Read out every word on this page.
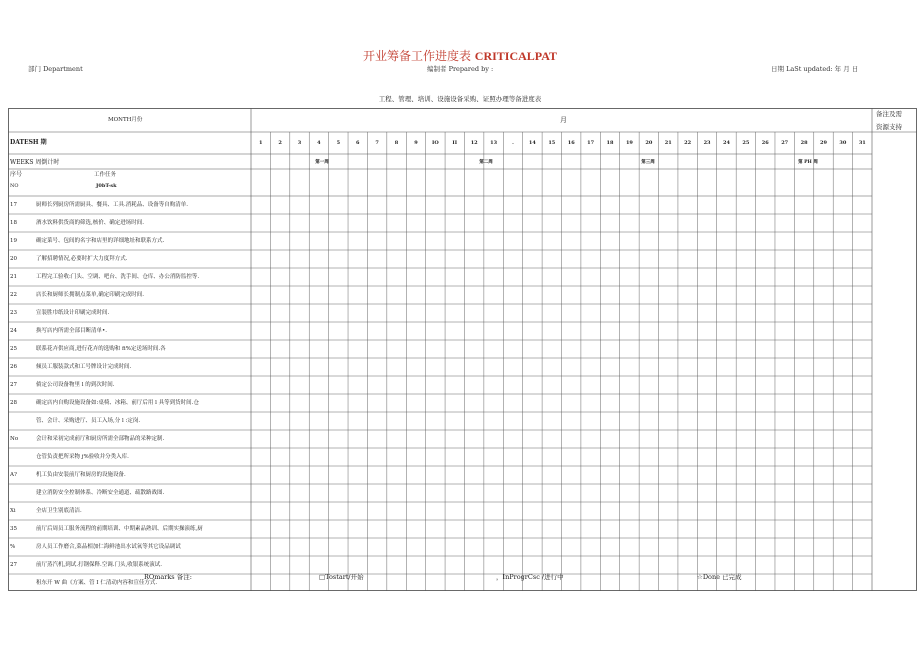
开业筹备工作进度表 CRITICALPAT
部门 Department	编制者 Prepared by :	日期 LaSt updated: 年 月 日
工程、管理、培训、设施设备采购、证照办理等备进度表
MONTH月份	月
备注及需
资源支持
DATESH 期	1	2	3	4	5	6	7	8	9	IO	II	12	13	.	14	15	16	17	18	19	20	21	22	23	24	25	26	27	28	29	30	31
WEEKS 周倒计时	第一周	第二周	第三周	第 PH 周
序号
NO
工作任务
J0bT-sk
17	厨师长列厨房所需厨具、餐具、工具.消耗品、设备等自购清单.
18	酒水饮料供货商的筛选,核价、确定进场时间.
19	确定菜号、包间的名字和店里的详细地址和联系方式.
20	了解招聘情况,必要时扩大力度拜方式.
21	工程完工验收:门头、空调、吧台、洗手间、仓库、办公消防监控等.
22	店长和厨师长拥制点菜单,确定印刷完成时间.
23	宣装胜巾纸设计印刷完成时间.
24	换写店内所需全部目断清单•.
25	联系花卉供应商,进行花卉的选购和 fi%定送场时间.各
26	倾员工服装款式和工号牌设计完成时间.
27	倘定公司设备物里 l 的到次时间.
28	确定店内自购设施设备如:桌椅、冰箱、前厅后用 l 具等到货时间.仓
管、会计、采购进厅、员工入场,分 l :定岗.
No	会计和采初完成前厅和厨房所需全部物品的采种定制.
仓管负责把所采物 j%验收并分类入库.
A?	机工负由安装前厅和厨房的设施设备.
建立消防安全控制体系、冷断安全通道、疏散路战图.
Xi	全店卫生别底清洁.
35	前厅后周员工服务流程的前期培训、中期素品熟训、后期实操演练,厨
%	房人员工作磨合,菜品相加仁海鲜池出水试氧等其它设品调试
27	前厅蒸汽机,到试.打钢保释.空调.门头,收银系统演试.
租东开 W 曲《方案、管 I 仁清动内容和宣佳方式.
ROmarks 备注:	□Tostart/开始	，InProgrCsc /进行中	☆Done 已完成
